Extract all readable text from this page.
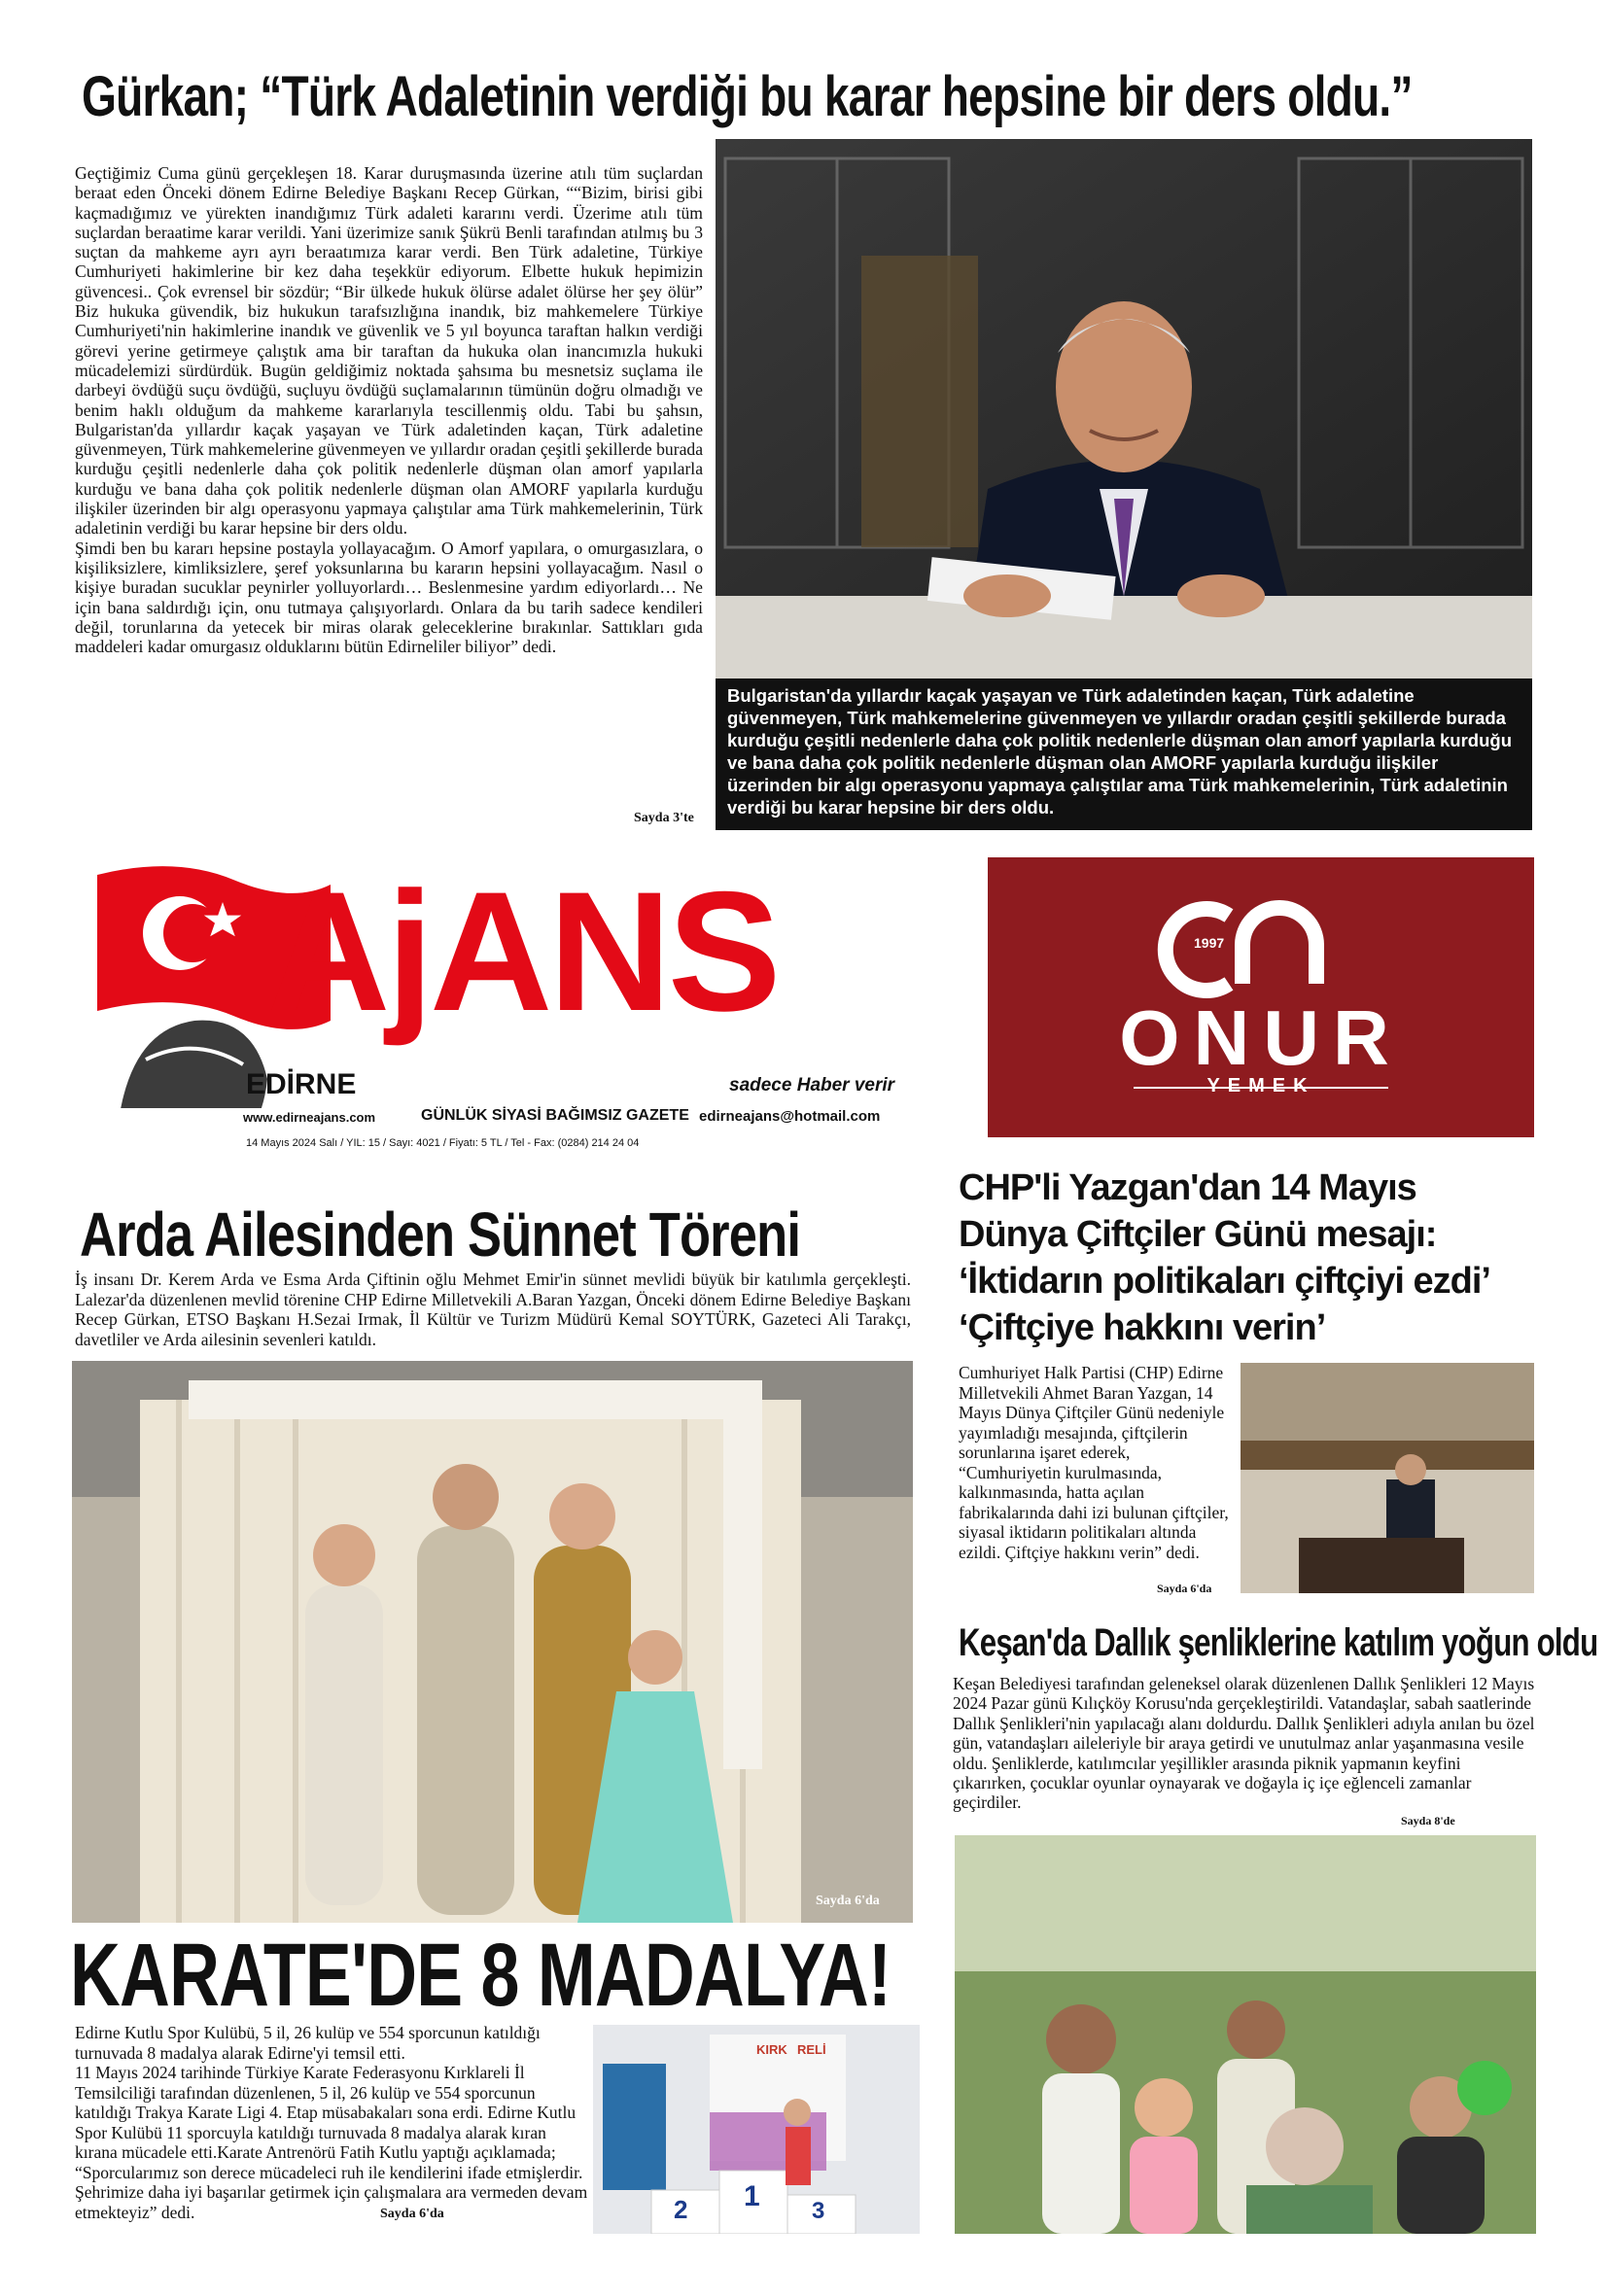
Gürkan; “Türk Adaletinin verdiği bu karar hepsine bir ders oldu.”
Geçtiğimiz Cuma günü gerçekleşen 18. Karar duruşmasında üzerine atılı tüm suçlardan beraat eden Önceki dönem Edirne Belediye Başkanı Recep Gürkan, ““Bizim, birisi gibi kaçmadığımız ve yürekten inandığımız Türk adaleti kararını verdi. Üzerime atılı tüm suçlardan beraatime karar verildi. Yani üzerimize sanık Şükrü Benli tarafından atılmış bu 3 suçtan da mahkeme ayrı ayrı beraatımıza karar verdi. Ben Türk adaletine, Türkiye Cumhuriyeti hakimlerine bir kez daha teşekkür ediyorum. Elbette hukuk hepimizin güvencesi.. Çok evrensel bir sözdür; “Bir ülkede hukuk ölürse adalet ölürse her şey ölür” Biz hukuka güvendik, biz hukukun tarafsızlığına inandık, biz mahkemelere Türkiye Cumhuriyeti'nin hakimlerine inandık ve güvenlik ve 5 yıl boyunca taraftan halkın verdiği görevi yerine getirmeye çalıştık ama bir taraftan da hukuka olan inancımızla hukuki mücadelemizi sürdürdük. Bugün geldiğimiz noktada şahsıma bu mesnetsiz suçlama ile darbeyi övdüğü suçu övdüğü, suçluyu övdüğü suçlamalarının tümünün doğru olmadığı ve benim haklı olduğum da mahkeme kararlarıyla tescillenmiş oldu. Tabi bu şahsın, Bulgaristan'da yıllardır kaçak yaşayan ve Türk adaletinden kaçan, Türk adaletine güvenmeyen, Türk mahkemelerine güvenmeyen ve yıllardır oradan çeşitli şekillerde burada kurduğu çeşitli nedenlerle daha çok politik nedenlerle düşman olan amorf yapılarla kurduğu ve bana daha çok politik nedenlerle düşman olan AMORF yapılarla kurduğu ilişkiler üzerinden bir algı operasyonu yapmaya çalıştılar ama Türk mahkemelerinin, Türk adaletinin verdiği bu karar hepsine bir ders oldu.
Şimdi ben bu kararı hepsine postayla yollayacağım. O Amorf yapılara, o omurgasızlara, o kişiliksizlere, kimliksizlere, şeref yoksunlarına bu kararın hepsini yollayacağım. Nasıl o kişiye buradan sucuklar peynirler yolluyorlardı… Beslenmesine yardım ediyorlardı… Ne için bana saldırdığı için, onu tutmaya çalışıyorlardı. Onlara da bu tarih sadece kendileri değil, torunlarına da yetecek bir miras olarak geleceklerine bırakınlar. Sattıkları gıda maddeleri kadar omurgasız olduklarını bütün Edirneliler biliyor” dedi.
Sayda 3'te
Bulgaristan'da yıllardır kaçak yaşayan ve Türk adaletinden kaçan, Türk adaletine güvenmeyen, Türk mahkemelerine güvenmeyen ve yıllardır oradan çeşitli şekillerde burada kurduğu çeşitli nedenlerle daha çok politik nedenlerle düşman olan amorf yapılarla kurduğu ve bana daha çok politik nedenlerle düşman olan AMORF yapılarla kurduğu ilişkiler üzerinden bir algı operasyonu yapmaya çalıştılar ama Türk mahkemelerinin, Türk adaletinin verdiği bu karar hepsine bir ders oldu.
AjANS
EDİRNE
www.edirneajans.com	GÜNLÜK SİYASİ BAĞIMSIZ GAZETE
sadece Haber verir
edirneajans@hotmail.com
14 Mayıs 2024 Salı / YIL: 15 / Sayı: 4021 / Fiyatı: 5 TL / Tel - Fax: (0284) 214 24 04
1997
ONUR
YEMEK
Arda Ailesinden Sünnet Töreni
İş insanı Dr. Kerem Arda ve Esma Arda Çiftinin oğlu Mehmet Emir'in sünnet mevlidi büyük bir katılımla gerçekleşti. Lalezar'da düzenlenen mevlid törenine CHP Edirne Milletvekili A.Baran Yazgan, Önceki dönem Edirne Belediye Başkanı Recep Gürkan, ETSO Başkanı H.Sezai Irmak, İl Kültür ve Turizm Müdürü Kemal SOYTÜRK, Gazeteci Ali Tarakçı, davetliler ve Arda ailesinin sevenleri katıldı.
Sayda 6'da
CHP'li Yazgan'dan 14 Mayıs
Dünya Çiftçiler Günü mesajı:
‘İktidarın politikaları çiftçiyi ezdi’
‘Çiftçiye hakkını verin’
Cumhuriyet Halk Partisi (CHP) Edirne Milletvekili Ahmet Baran Yazgan, 14 Mayıs Dünya Çiftçiler Günü nedeniyle yayımladığı mesajında, çiftçilerin sorunlarına işaret ederek, “Cumhuriyetin kurulmasında, kalkınmasında, hatta açılan fabrikalarında dahi izi bulunan çiftçiler, siyasal iktidarın politikaları altında ezildi. Çiftçiye hakkını verin” dedi.
Sayda 6'da
Keşan'da Dallık şenliklerine katılım yoğun oldu
Keşan Belediyesi tarafından geleneksel olarak düzenlenen Dallık Şenlikleri 12 Mayıs 2024 Pazar günü Kılıçköy Korusu'nda gerçekleştirildi. Vatandaşlar, sabah saatlerinde Dallık Şenlikleri'nin yapılacağı alanı doldurdu. Dallık Şenlikleri adıyla anılan bu özel gün, vatandaşları aileleriyle bir araya getirdi ve unutulmaz anlar yaşanmasına vesile oldu. Şenliklerde, katılımcılar yeşillikler arasında piknik yapmanın keyfini çıkarırken, çocuklar oyunlar oynayarak ve doğayla iç içe eğlenceli zamanlar geçirdiler.
Sayda 8'de
KARATE'DE 8 MADALYA!
Edirne Kutlu Spor Kulübü, 5 il, 26 kulüp ve 554 sporcunun katıldığı turnuvada 8 madalya alarak Edirne'yi temsil etti.
11 Mayıs 2024 tarihinde Türkiye Karate Federasyonu Kırklareli İl Temsilciliği tarafından düzenlenen, 5 il, 26 kulüp ve 554 sporcunun katıldığı Trakya Karate Ligi 4. Etap müsabakaları sona erdi. Edirne Kutlu Spor Kulübü 11 sporcuyla katıldığı turnuvada 8 madalya alarak kıran kırana mücadele etti.Karate Antrenörü Fatih Kutlu yaptığı açıklamada; “Sporcularımız son derece mücadeleci ruh ile kendilerini ifade etmişlerdir. Şehrimize daha iyi başarılar getirmek için çalışmalara ara vermeden devam etmekteyiz” dedi.	Sayda 6'da	2 1 3
KIRK RELİ
